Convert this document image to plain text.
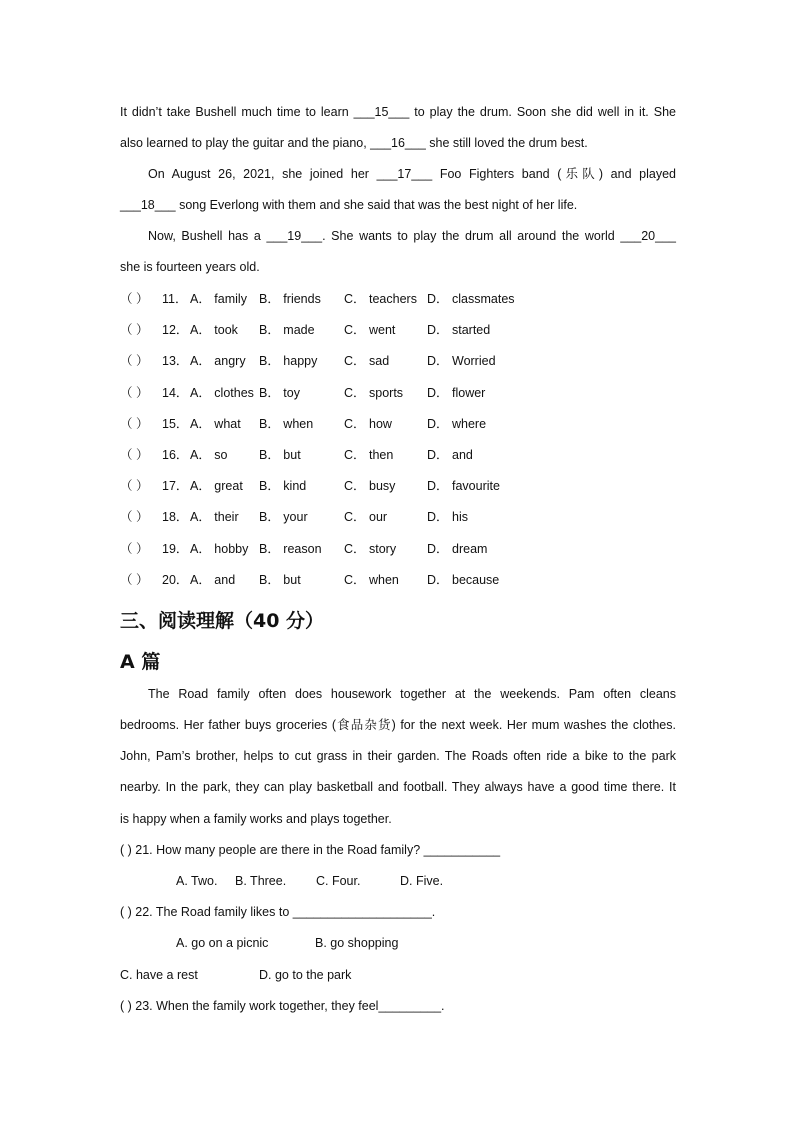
It didn’t take Bushell much time to learn ___15___ to play the drum. Soon she did well in it. She
also learned to play the guitar and the piano, ___16___ she still loved the drum best.
On August 26, 2021, she joined her ___17___ Foo Fighters band (乐队) and played
___18___ song Everlong with them and she said that was the best night of her life.
Now, Bushell has a ___19___. She wants to play the drum all around the world ___20___
she is fourteen years old.
（ ） 11． A． family B． friends C． teachers D． classmates
（ ） 12． A． took B． made C． went	D． started
（ ） 13． A． angry B． happy C． sad	D． Worried
（ ） 14． A． clothes B． toy	C． sports D． flower
（ ） 15． A． what B． when C． how	D． where
（ ） 16． A． so	B． but	C． then	D． and
（ ） 17． A． great B． kind	C． busy	D． favourite
（ ） 18． A． their B． your	C． our	D． his
（ ） 19． A． hobby B． reason C． story D． dream
（ ） 20． A． and B． but	C． when D． because
三、阅读理解（40 分）
A 篇
The Road family often does housework together at the weekends. Pam often cleans
bedrooms. Her father buys groceries (食品杂货) for the next week. Her mum washes the clothes.
John, Pam’s brother, helps to cut grass in their garden. The Roads often ride a bike to the park
nearby. In the park, they can play basketball and football. They always have a good time there. It
is happy when a family works and plays together.
( ) 21. How many people are there in the Road family? ___________
A. Two. B. Three. C. Four.	D. Five.
( ) 22. The Road family likes to ____________________.
A. go on a picnic	B. go shopping
C. have a rest	D. go to the park
( ) 23. When the family work together, they feel_________.
